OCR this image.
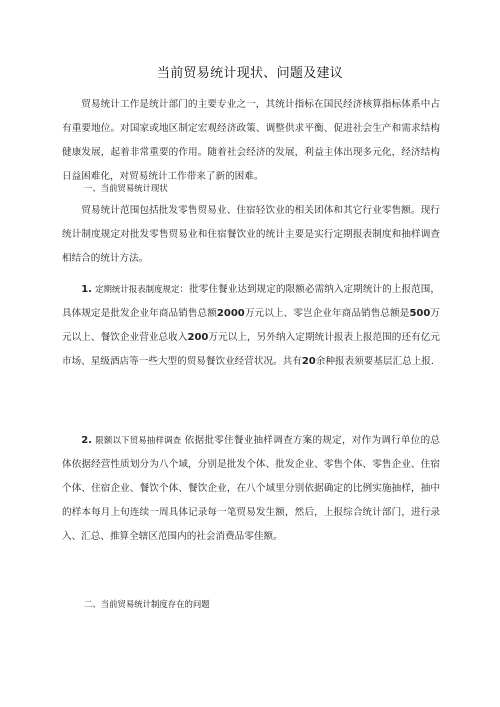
当前贸易统计现状、问题及建议

贸易统计工作是统计部门的主要专业之一，其统计指标在国民经济核算指标体系中占有重要地位。对国家或地区制定宏观经济政策、调整供求平衡、促进社会生产和需求结构健康发展，起着非常重要的作用。随着社会经济的发展，利益主体出现多元化，经济结构日益困难化，对贸易统计工作带来了新的困难。

一、当前贸易统计现状

贸易统计范围包括批发零售贸易业、住宿轻饮业的相关团体和其它行业零售额。现行统计制度规定对批发零售贸易业和住宿餐饮业的统计主要是实行定期报表制度和抽样调查相结合的统计方法。

1. 定期统计报表制度规定：批零住餐业达到规定的限额必需纳入定期统计的上报范围，具体规定是批发企业年商品销售总额2000万元以上、零岂企业年商品销售总额是500万元以上、餐饮企业营业总收入200万元以上，另外纳入定期统计报表上报范围的还有亿元市场、星级酒店等一些大型的贸易餐饮业经营状况。共有20余种报表须要基层汇总上报.

2. 限额以下贸易抽样调查 依据批零住餐业抽样调查方案的规定，对作为调行单位的总体依据经营性质划分为八个域，分别是批发个体、批发企业、零售个体、零售企业、住宿个体、住宿企业、餐饮个体、餐饮企业，在八个域里分别依据确定的比例实施抽样，抽中的样本每月上旬连续一周具体记录每一笔贸易发生额，然后，上报综合统计部门，进行录入、汇总、推算全辖区范围内的社会消费品零佳额。

二、当前贸易统计制度存在的问题
